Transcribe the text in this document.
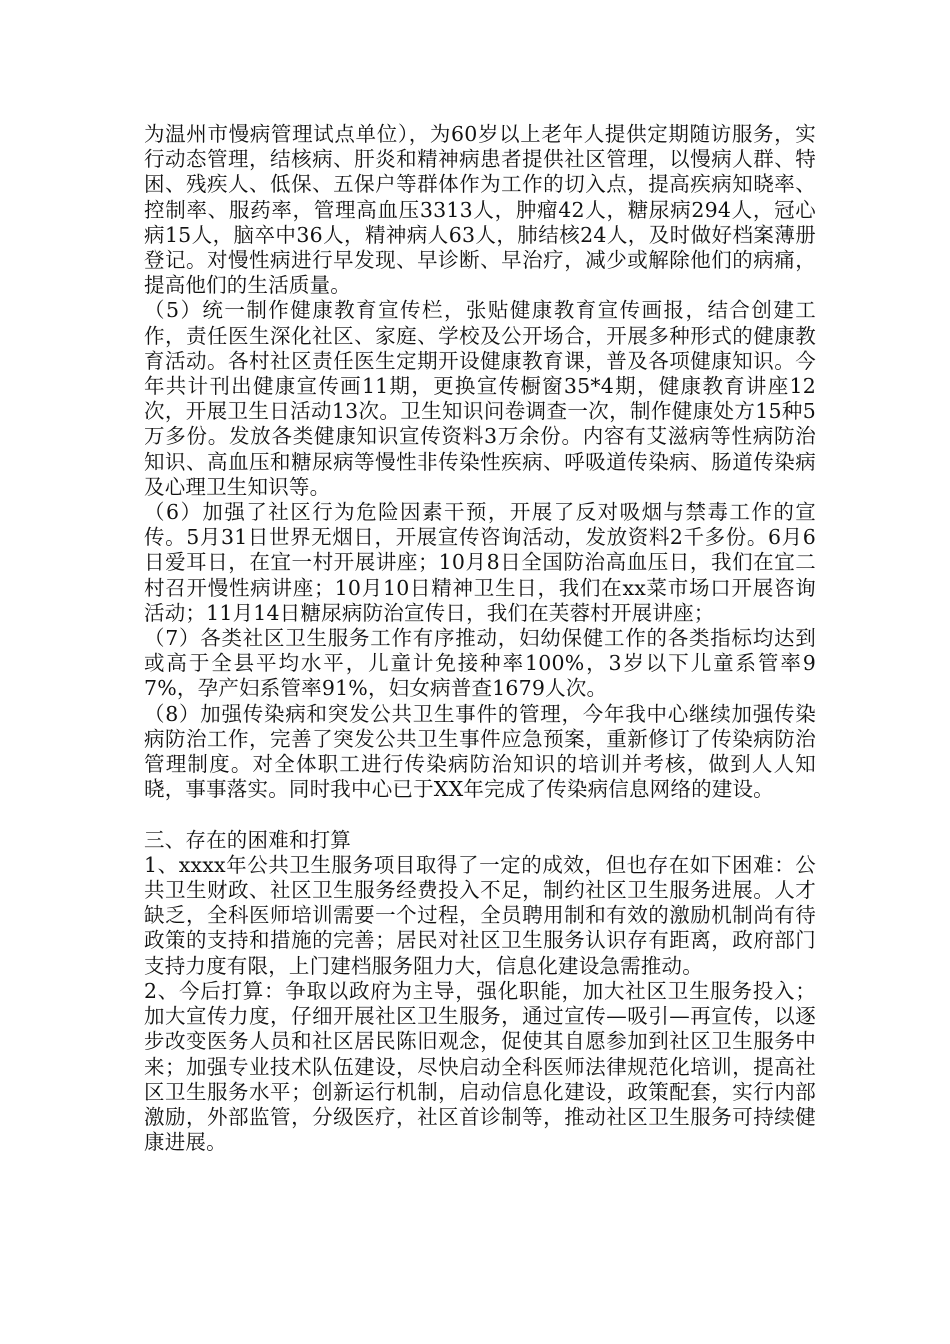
为温州市慢病管理试点单位），为60岁以上老年人提供定期随访服务，实行动态管理，结核病、肝炎和精神病患者提供社区管理，以慢病人群、特困、残疾人、低保、五保户等群体作为工作的切入点，提高疾病知晓率、控制率、服药率，管理高血压3313人，肿瘤42人，糖尿病294人，冠心病15人，脑卒中36人，精神病人63人，肺结核24人，及时做好档案薄册登记。对慢性病进行早发现、早诊断、早治疗，减少或解除他们的病痛，提高他们的生活质量。

（5）统一制作健康教育宣传栏，张贴健康教育宣传画报，结合创建工作，责任医生深化社区、家庭、学校及公开场合，开展多种形式的健康教育活动。各村社区责任医生定期开设健康教育课，普及各项健康知识。今年共计刊出健康宣传画11期，更换宣传橱窗35*4期，健康教育讲座12次，开展卫生日活动13次。卫生知识问卷调查一次，制作健康处方15种5万多份。发放各类健康知识宣传资料3万余份。内容有艾滋病等性病防治知识、高血压和糖尿病等慢性非传染性疾病、呼吸道传染病、肠道传染病及心理卫生知识等。

（6）加强了社区行为危险因素干预，开展了反对吸烟与禁毒工作的宣传。5月31日世界无烟日，开展宣传咨询活动，发放资料2千多份。6月6日爱耳日，在宜一村开展讲座；10月8日全国防治高血压日，我们在宜二村召开慢性病讲座；10月10日精神卫生日，我们在xx菜市场口开展咨询活动；11月14日糖尿病防治宣传日，我们在芙蓉村开展讲座；

（7）各类社区卫生服务工作有序推动，妇幼保健工作的各类指标均达到或高于全县平均水平，儿童计免接种率100%，3岁以下儿童系管率97%，孕产妇系管率91%，妇女病普查1679人次。

（8）加强传染病和突发公共卫生事件的管理，今年我中心继续加强传染病防治工作，完善了突发公共卫生事件应急预案，重新修订了传染病防治管理制度。对全体职工进行传染病防治知识的培训并考核，做到人人知晓，事事落实。同时我中心已于XX年完成了传染病信息网络的建设。

三、存在的困难和打算

1、xxxx年公共卫生服务项目取得了一定的成效，但也存在如下困难：公共卫生财政、社区卫生服务经费投入不足，制约社区卫生服务进展。人才缺乏，全科医师培训需要一个过程，全员聘用制和有效的激励机制尚有待政策的支持和措施的完善；居民对社区卫生服务认识存有距离，政府部门支持力度有限，上门建档服务阻力大，信息化建设急需推动。

2、今后打算：争取以政府为主导，强化职能，加大社区卫生服务投入；加大宣传力度，仔细开展社区卫生服务，通过宣传—吸引—再宣传，以逐步改变医务人员和社区居民陈旧观念，促使其自愿参加到社区卫生服务中来；加强专业技术队伍建设，尽快启动全科医师法律规范化培训，提高社区卫生服务水平；创新运行机制，启动信息化建设，政策配套，实行内部激励，外部监管，分级医疗，社区首诊制等，推动社区卫生服务可持续健康进展。
